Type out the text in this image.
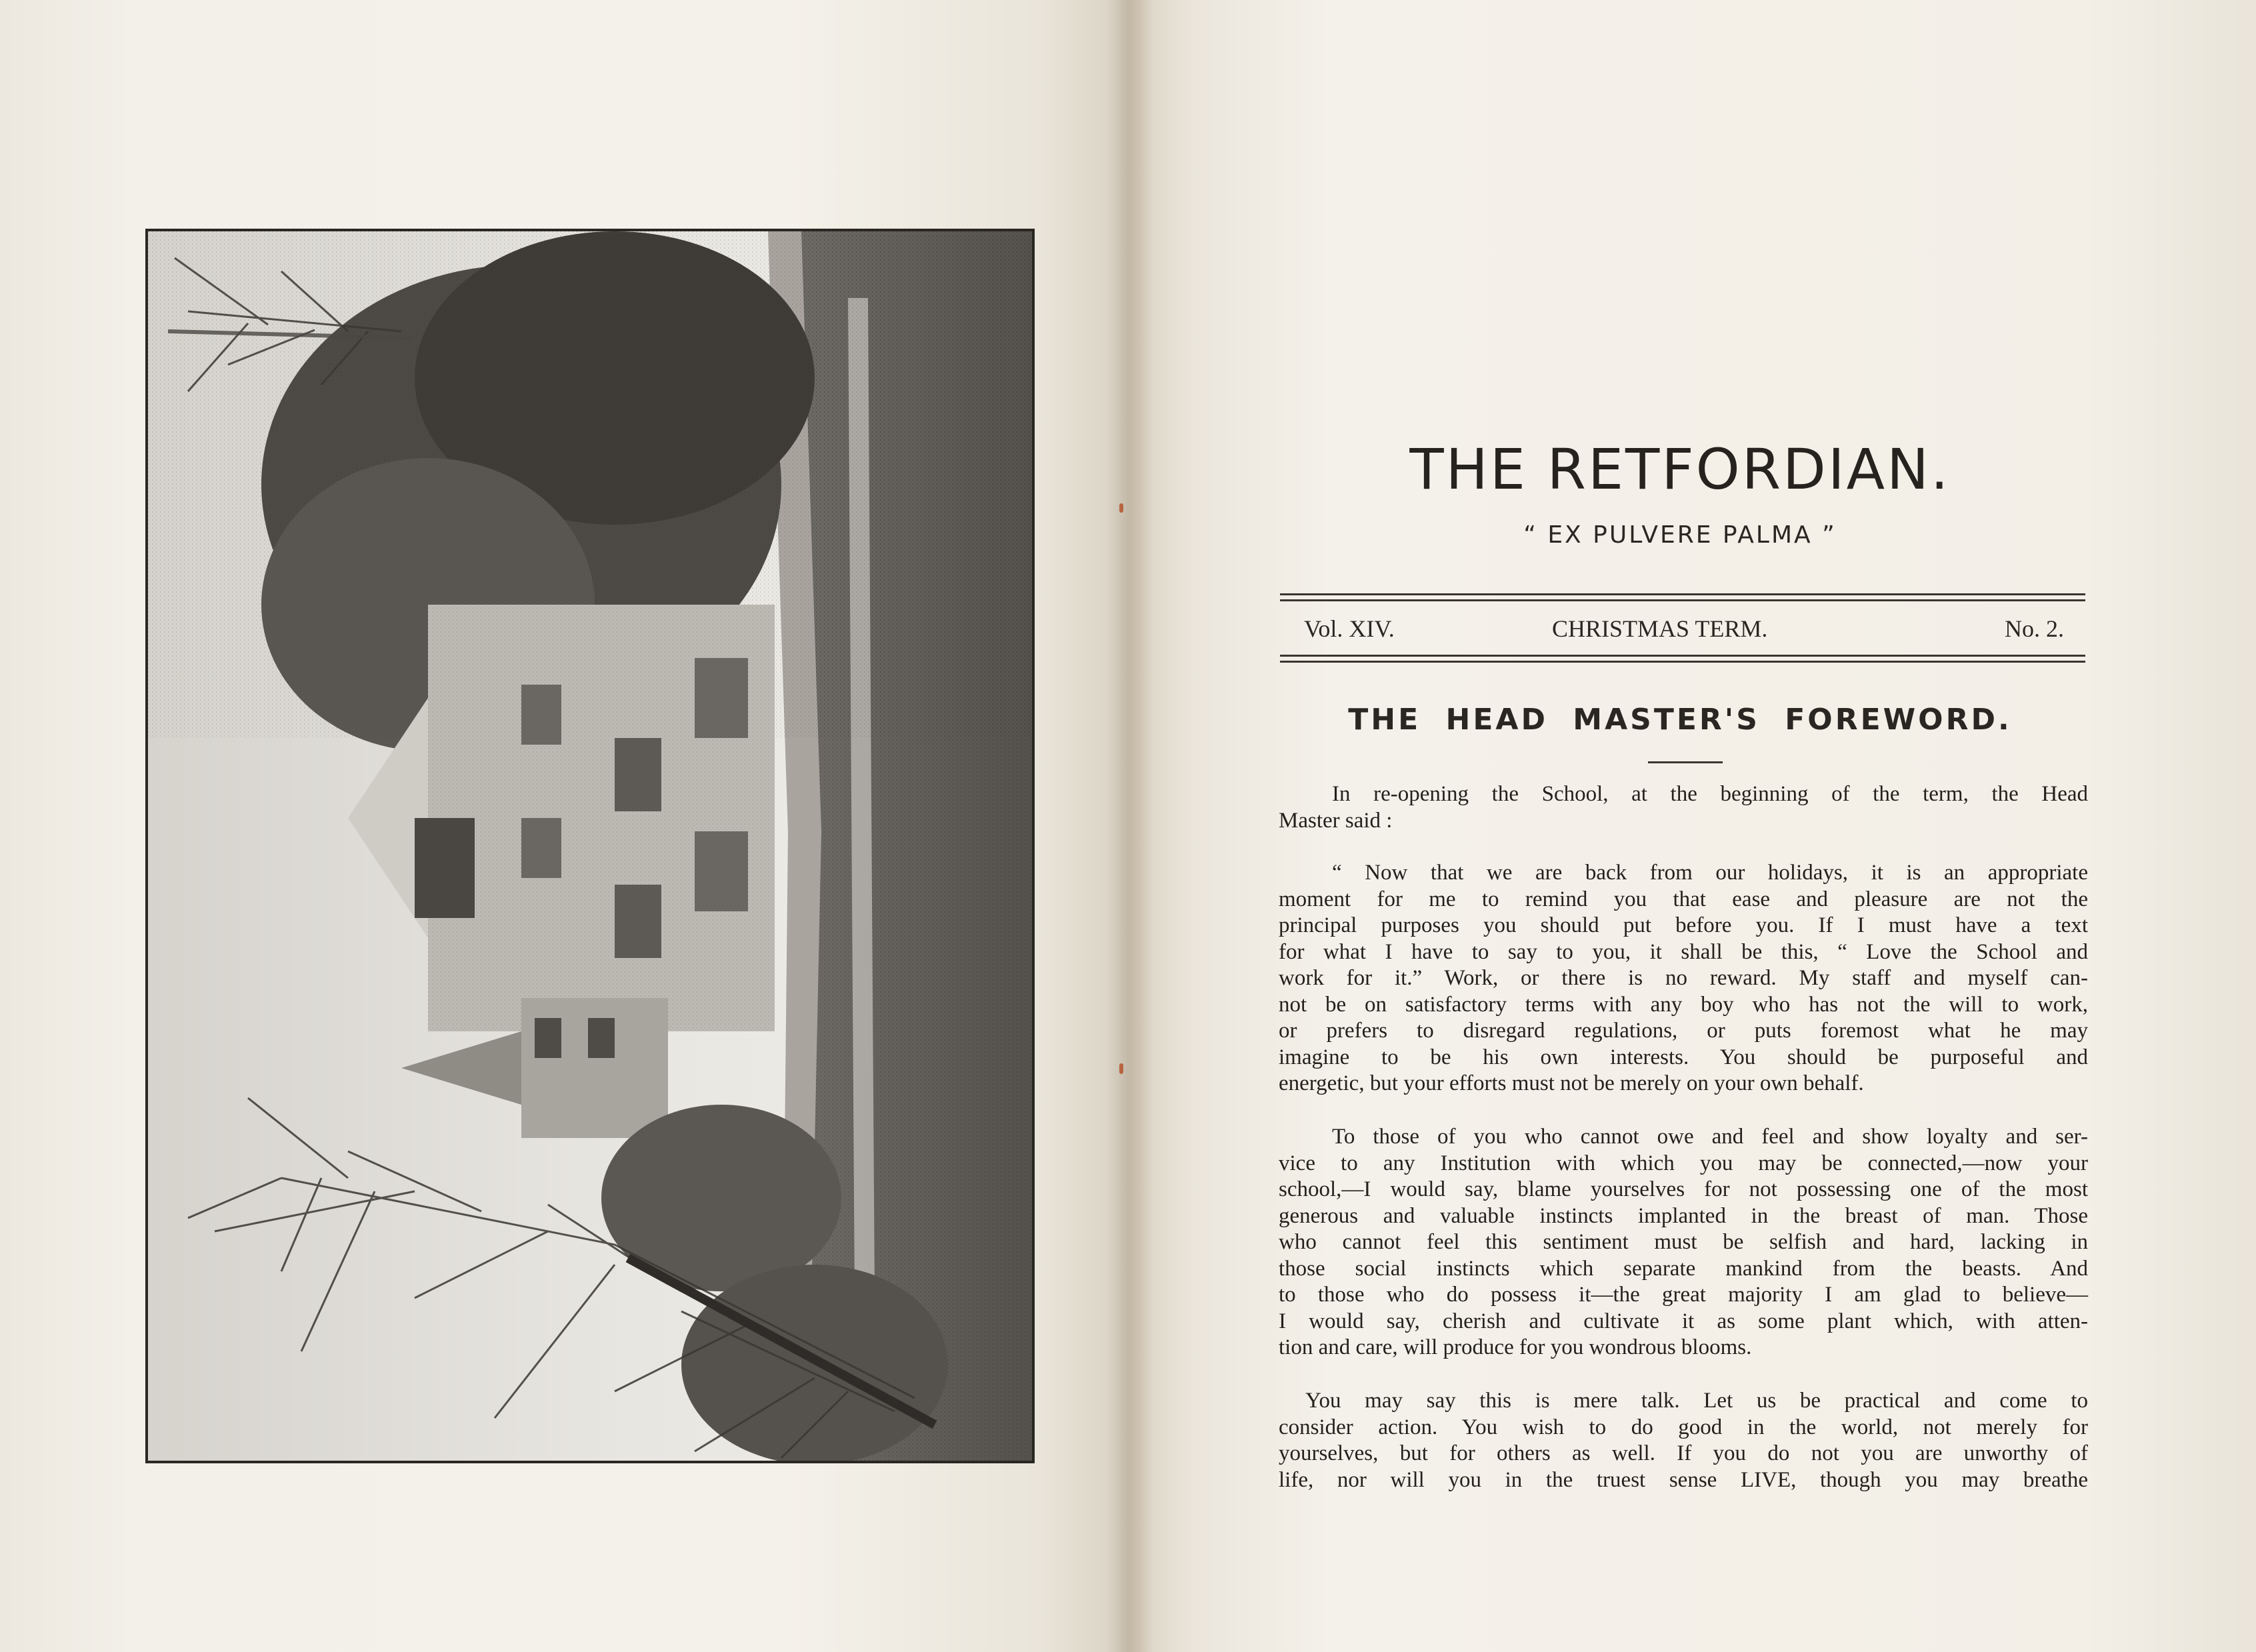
THE RETFORDIAN.
“ EX PULVERE PALMA ”
Vol. XIV.	CHRISTMAS TERM.	No. 2.
THE HEAD MASTER'S FOREWORD.
In re-opening the School, at the beginning of the term, the Head
Master said :
“ Now that we are back from our holidays, it is an appropriate
moment for me to remind you that ease and pleasure are not the
principal purposes you should put before you. If I must have a text
for what I have to say to you, it shall be this, “ Love the School and
work for it.” Work, or there is no reward. My staff and myself can-
not be on satisfactory terms with any boy who has not the will to work,
or prefers to disregard regulations, or puts foremost what he may
imagine to be his own interests. You should be purposeful and
energetic, but your efforts must not be merely on your own behalf.
To those of you who cannot owe and feel and show loyalty and ser-
vice to any Institution with which you may be connected,—now your
school,—I would say, blame yourselves for not possessing one of the most
generous and valuable instincts implanted in the breast of man. Those
who cannot feel this sentiment must be selfish and hard, lacking in
those social instincts which separate mankind from the beasts. And
to those who do possess it—the great majority I am glad to believe—
I would say, cherish and cultivate it as some plant which, with atten-
tion and care, will produce for you wondrous blooms.
You may say this is mere talk. Let us be practical and come to
consider action. You wish to do good in the world, not merely for
yourselves, but for others as well. If you do not you are unworthy of
life, nor will you in the truest sense LIVE, though you may breathe
